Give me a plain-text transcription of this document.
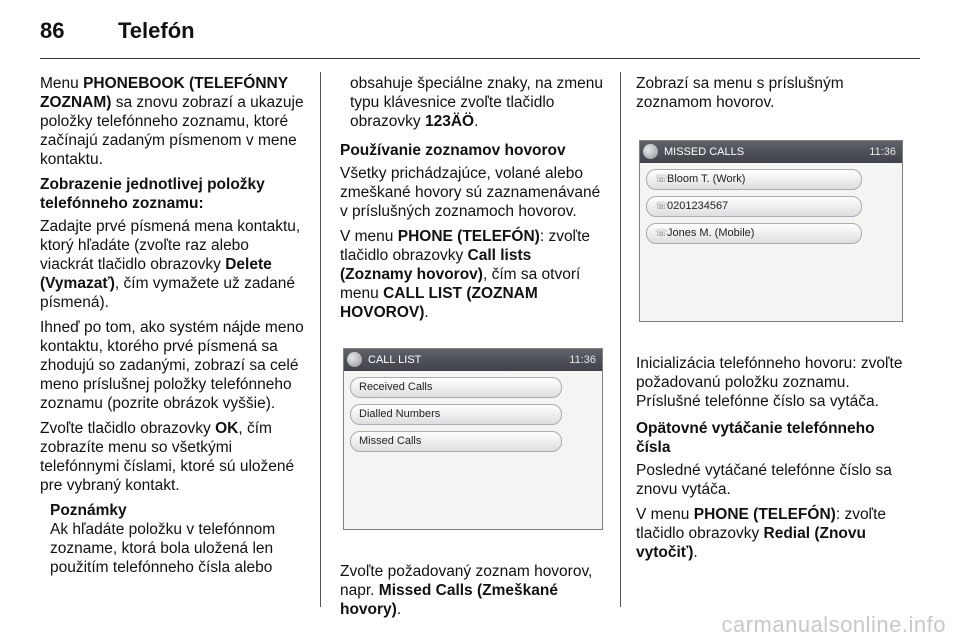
86 Telefón

Menu PHONEBOOK (TELEFÓNNY ZOZNAM) sa znovu zobrazí a ukazuje položky telefónneho zoznamu, ktoré začínajú zadaným písmenom v mene kontaktu.

Zobrazenie jednotlivej položky telefónneho zoznamu:

Zadajte prvé písmená mena kontaktu, ktorý hľadáte (zvoľte raz alebo viackrát tlačidlo obrazovky Delete (Vymazať), čím vymažete už zadané písmená).

Ihneď po tom, ako systém nájde meno kontaktu, ktorého prvé písmená sa zhodujú so zadanými, zobrazí sa celé meno príslušnej položky telefónneho zoznamu (pozrite obrázok vyššie).

Zvoľte tlačidlo obrazovky OK, čím zobrazíte menu so všetkými telefónnymi číslami, ktoré sú uložené pre vybraný kontakt.

Poznámky

Ak hľadáte položku v telefónnom zozname, ktorá bola uložená len použitím telefónneho čísla alebo

obsahuje špeciálne znaky, na zmenu typu klávesnice zvoľte tlačidlo obrazovky 123ÄÖ.

Používanie zoznamov hovorov

Všetky prichádzajúce, volané alebo zmeškané hovory sú zaznamenávané v príslušných zoznamoch hovorov.

V menu PHONE (TELEFÓN): zvoľte tlačidlo obrazovky Call lists (Zoznamy hovorov), čím sa otvorí menu CALL LIST (ZOZNAM HOVOROV).

CALL LIST	11:36
Received Calls
Dialled Numbers
Missed Calls

Zvoľte požadovaný zoznam hovorov, napr. Missed Calls (Zmeškané hovory).

Zobrazí sa menu s príslušným zoznamom hovorov.

MISSED CALLS	11:36
☏Bloom T. (Work)
☏0201234567
☏Jones M. (Mobile)

Inicializácia telefónneho hovoru: zvoľte požadovanú položku zoznamu. Príslušné telefónne číslo sa vytáča.

Opätovné vytáčanie telefónneho čísla

Posledné vytáčané telefónne číslo sa znovu vytáča.

V menu PHONE (TELEFÓN): zvoľte tlačidlo obrazovky Redial (Znovu vytočiť).

carmanualsonline.info
